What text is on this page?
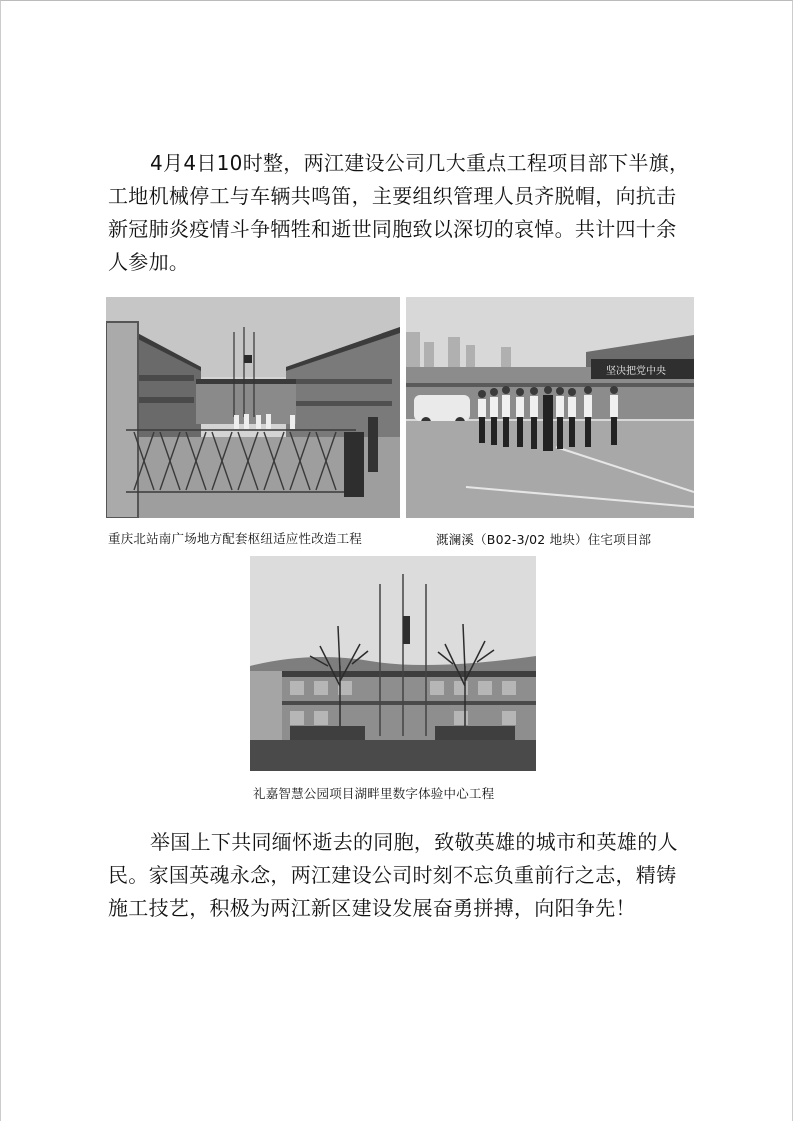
4月4日10时整，两江建设公司几大重点工程项目部下半旗，工地机械停工与车辆共鸣笛，主要组织管理人员齐脱帽，向抗击新冠肺炎疫情斗争牺牲和逝世同胞致以深切的哀悼。共计四十余人参加。

坚决把党中央
重庆北站南广场地方配套枢纽适应性改造工程	溉澜溪（B02-3/02 地块）住宅项目部
礼嘉智慧公园项目湖畔里数字体验中心工程

举国上下共同缅怀逝去的同胞，致敬英雄的城市和英雄的人民。家国英魂永念，两江建设公司时刻不忘负重前行之志，精铸施工技艺，积极为两江新区建设发展奋勇拼搏，向阳争先！
